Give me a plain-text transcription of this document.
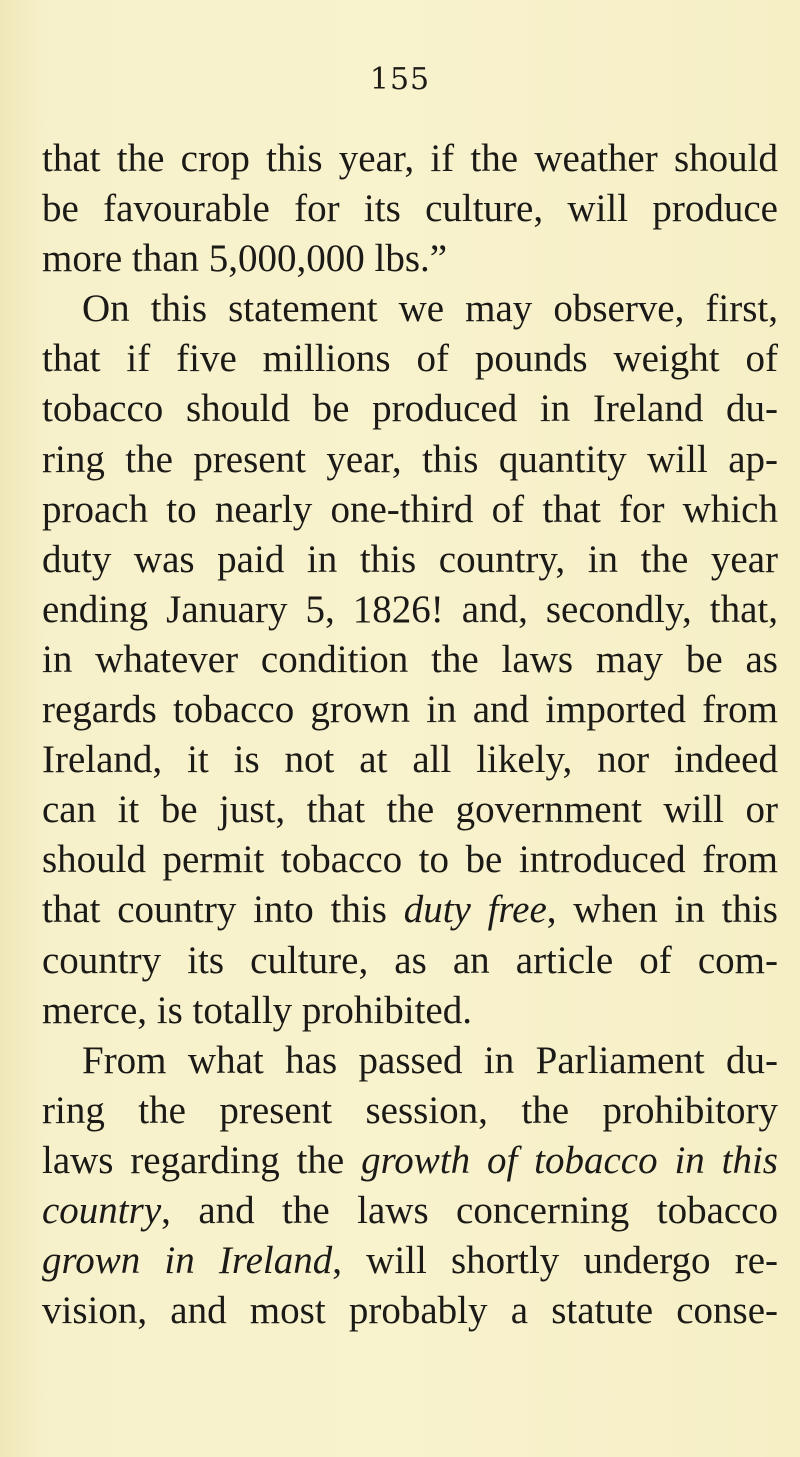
155
that the crop this year, if the weather should
be favourable for its culture, will produce
more than 5,000,000 lbs.”
On this statement we may observe, first,
that if five millions of pounds weight of
tobacco should be produced in Ireland du-
ring the present year, this quantity will ap-
proach to nearly one-third of that for which
duty was paid in this country, in the year
ending January 5, 1826! and, secondly, that,
in whatever condition the laws may be as
regards tobacco grown in and imported from
Ireland, it is not at all likely, nor indeed
can it be just, that the government will or
should permit tobacco to be introduced from
that country into this duty free, when in this
country its culture, as an article of com-
merce, is totally prohibited.
From what has passed in Parliament du-
ring the present session, the prohibitory
laws regarding the growth of tobacco in this
country, and the laws concerning tobacco
grown in Ireland, will shortly undergo re-
vision, and most probably a statute conse-
